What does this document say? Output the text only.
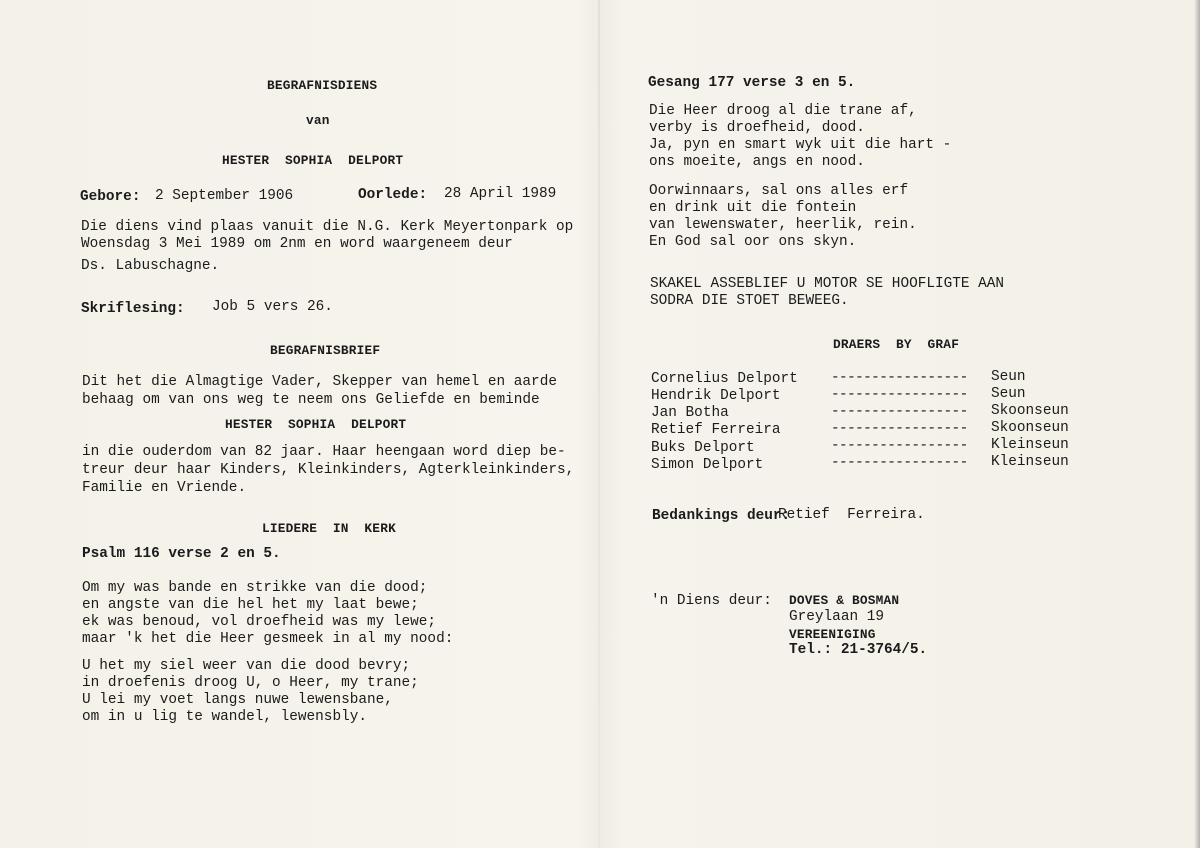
BEGRAFNISDIENS
van
HESTER  SOPHIA  DELPORT
Gebore: 2 September 1906	Oorlede: 28 April 1989
Die diens vind plaas vanuit die N.G. Kerk Meyertonpark op
Woensdag 3 Mei 1989 om 2nm en word waargeneem deur
Ds. Labuschagne.
Skriflesing: Job 5 vers 26.
BEGRAFNISBRIEF
Dit het die Almagtige Vader, Skepper van hemel en aarde
behaag om van ons weg te neem ons Geliefde en beminde
HESTER  SOPHIA  DELPORT
in die ouderdom van 82 jaar. Haar heengaan word diep be-
treur deur haar Kinders, Kleinkinders, Agterkleinkinders,
Familie en Vriende.
LIEDERE  IN  KERK
Psalm 116 verse 2 en 5.
Om my was bande en strikke van die dood;
en angste van die hel het my laat bewe;
ek was benoud, vol droefheid was my lewe;
maar 'k het die Heer gesmeek in al my nood:
U het my siel weer van die dood bevry;
in droefenis droog U, o Heer, my trane;
U lei my voet langs nuwe lewensbane,
om in u lig te wandel, lewensbly.
Gesang 177 verse 3 en 5.
Die Heer droog al die trane af,
verby is droefheid, dood.
Ja, pyn en smart wyk uit die hart -
ons moeite, angs en nood.
Oorwinnaars, sal ons alles erf
en drink uit die fontein
van lewenswater, heerlik, rein.
En God sal oor ons skyn.
SKAKEL ASSEBLIEF U MOTOR SE HOOFLIGTE AAN
SODRA DIE STOET BEWEEG.
DRAERS  BY  GRAF
Cornelius Delport ----------------- Seun
Hendrik Delport	----------------- Seun
Jan Botha	----------------- Skoonseun
Retief Ferreira	----------------- Skoonseun
Buks Delport	----------------- Kleinseun
Simon Delport	----------------- Kleinseun
Bedankings deur:
Retief  Ferreira.
'n Diens deur: DOVES & BOSMAN
Greylaan 19
VEREENIGING
Tel.: 21-3764/5.
